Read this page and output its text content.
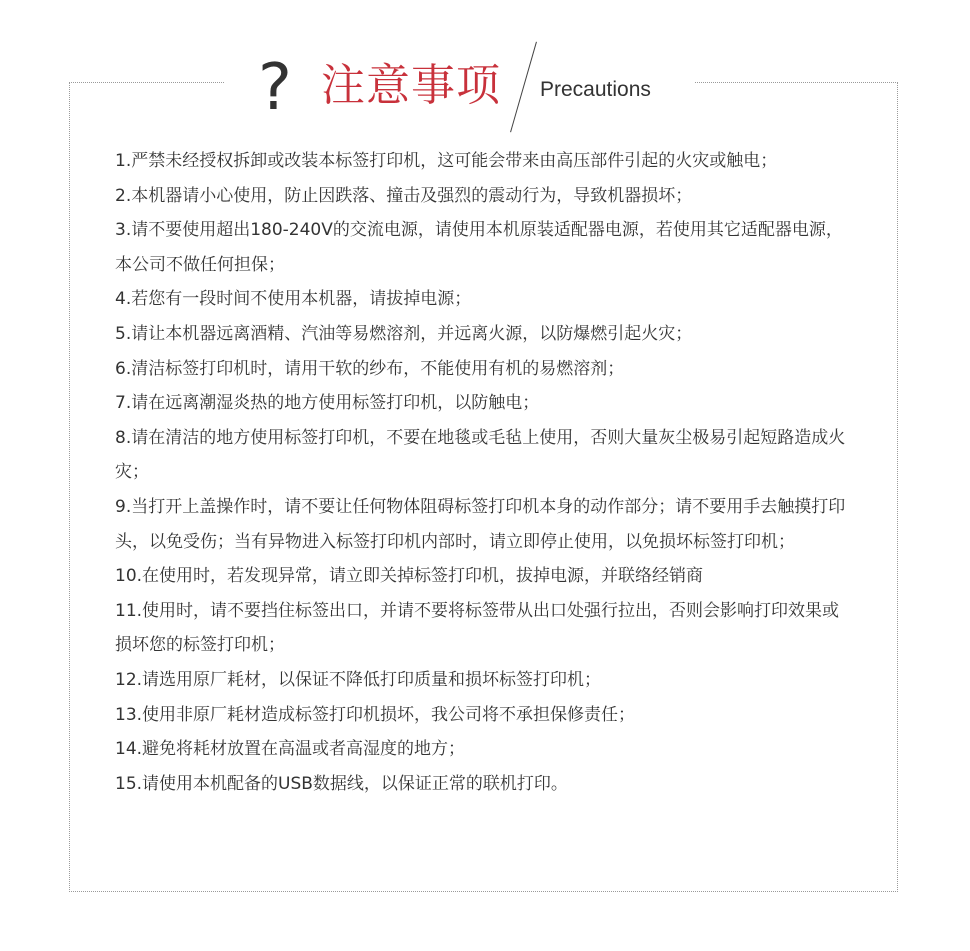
? 注意事项 Precautions

1.严禁未经授权拆卸或改装本标签打印机，这可能会带来由高压部件引起的火灾或触电；

2.本机器请小心使用，防止因跌落、撞击及强烈的震动行为，导致机器损坏；

3.请不要使用超出180-240V的交流电源，请使用本机原装适配器电源，若使用其它适配器电源，本公司不做任何担保；

4.若您有一段时间不使用本机器，请拔掉电源；

5.请让本机器远离酒精、汽油等易燃溶剂，并远离火源，以防爆燃引起火灾；

6.清洁标签打印机时，请用干软的纱布，不能使用有机的易燃溶剂；

7.请在远离潮湿炎热的地方使用标签打印机，以防触电；

8.请在清洁的地方使用标签打印机，不要在地毯或毛毡上使用，否则大量灰尘极易引起短路造成火灾；

9.当打开上盖操作时，请不要让任何物体阻碍标签打印机本身的动作部分；请不要用手去触摸打印头，以免受伤；当有异物进入标签打印机内部时，请立即停止使用，以免损坏标签打印机；

10.在使用时，若发现异常，请立即关掉标签打印机，拔掉电源，并联络经销商

11.使用时，请不要挡住标签出口，并请不要将标签带从出口处强行拉出，否则会影响打印效果或损坏您的标签打印机；

12.请选用原厂耗材，以保证不降低打印质量和损坏标签打印机；

13.使用非原厂耗材造成标签打印机损坏，我公司将不承担保修责任；

14.避免将耗材放置在高温或者高湿度的地方；

15.请使用本机配备的USB数据线，以保证正常的联机打印。
